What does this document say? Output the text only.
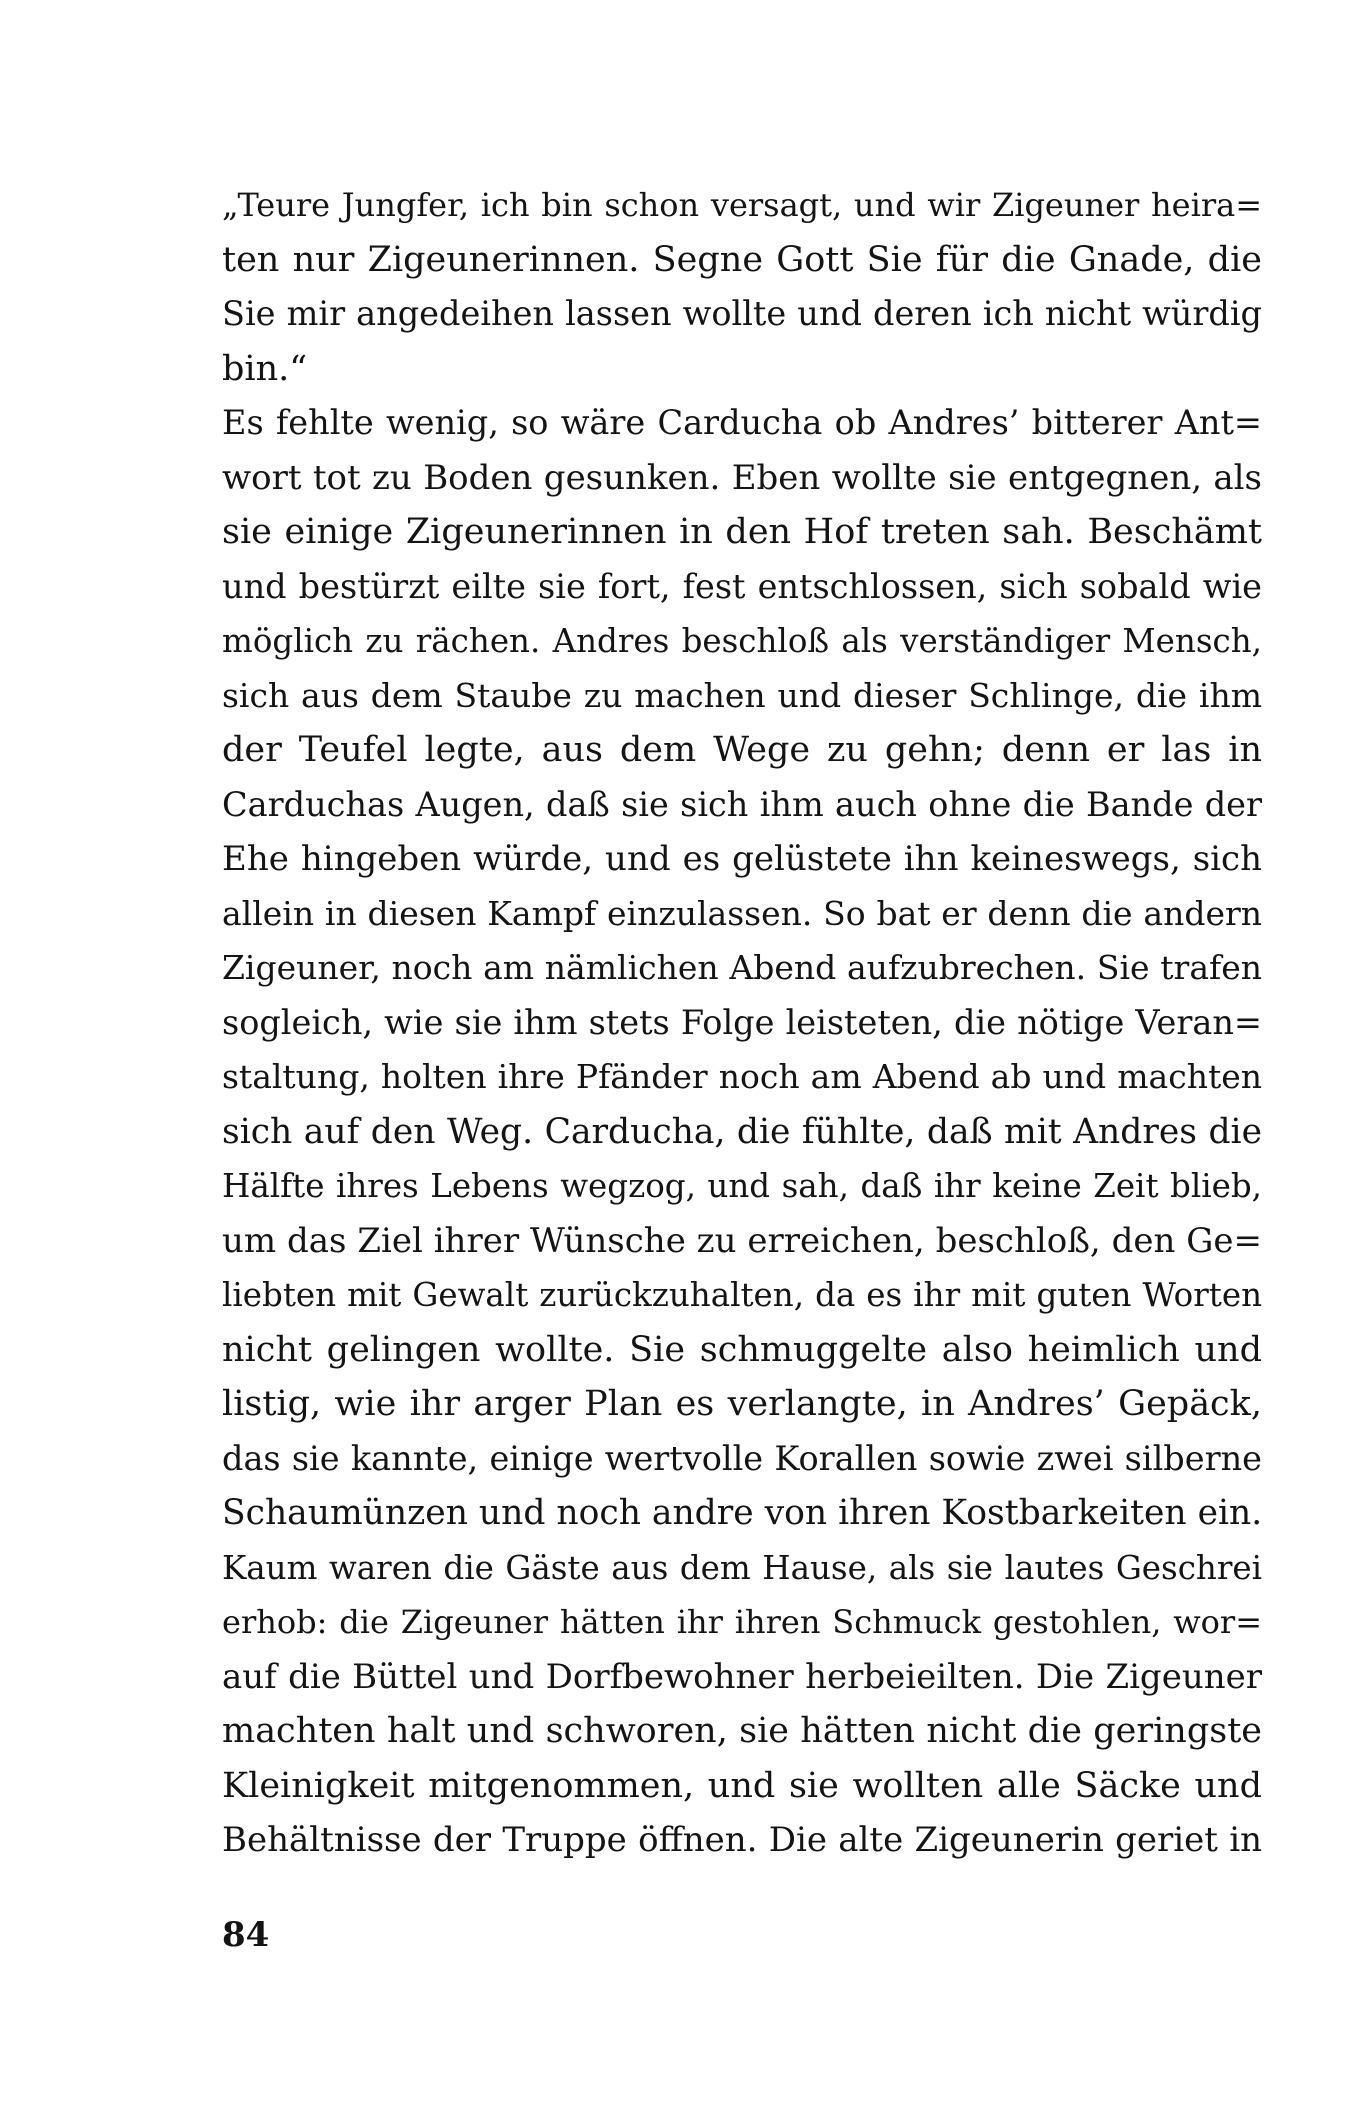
„Teure Jungfer, ich bin schon versagt, und wir Zigeuner heira=
ten nur Zigeunerinnen. Segne Gott Sie für die Gnade, die
Sie mir angedeihen lassen wollte und deren ich nicht würdig
bin.“
Es fehlte wenig, so wäre Carducha ob Andres’ bitterer Ant=
wort tot zu Boden gesunken. Eben wollte sie entgegnen, als
sie einige Zigeunerinnen in den Hof treten sah. Beschämt
und bestürzt eilte sie fort, fest entschlossen, sich sobald wie
möglich zu rächen. Andres beschloß als verständiger Mensch,
sich aus dem Staube zu machen und dieser Schlinge, die ihm
der Teufel legte, aus dem Wege zu gehn; denn er las in
Carduchas Augen, daß sie sich ihm auch ohne die Bande der
Ehe hingeben würde, und es gelüstete ihn keineswegs, sich
allein in diesen Kampf einzulassen. So bat er denn die andern
Zigeuner, noch am nämlichen Abend aufzubrechen. Sie trafen
sogleich, wie sie ihm stets Folge leisteten, die nötige Veran=
staltung, holten ihre Pfänder noch am Abend ab und machten
sich auf den Weg. Carducha, die fühlte, daß mit Andres die
Hälfte ihres Lebens wegzog, und sah, daß ihr keine Zeit blieb,
um das Ziel ihrer Wünsche zu erreichen, beschloß, den Ge=
liebten mit Gewalt zurückzuhalten, da es ihr mit guten Worten
nicht gelingen wollte. Sie schmuggelte also heimlich und
listig, wie ihr arger Plan es verlangte, in Andres’ Gepäck,
das sie kannte, einige wertvolle Korallen sowie zwei silberne
Schaumünzen und noch andre von ihren Kostbarkeiten ein.
Kaum waren die Gäste aus dem Hause, als sie lautes Geschrei
erhob: die Zigeuner hätten ihr ihren Schmuck gestohlen, wor=
auf die Büttel und Dorfbewohner herbeieilten. Die Zigeuner
machten halt und schworen, sie hätten nicht die geringste
Kleinigkeit mitgenommen, und sie wollten alle Säcke und
Behältnisse der Truppe öffnen. Die alte Zigeunerin geriet in
84
